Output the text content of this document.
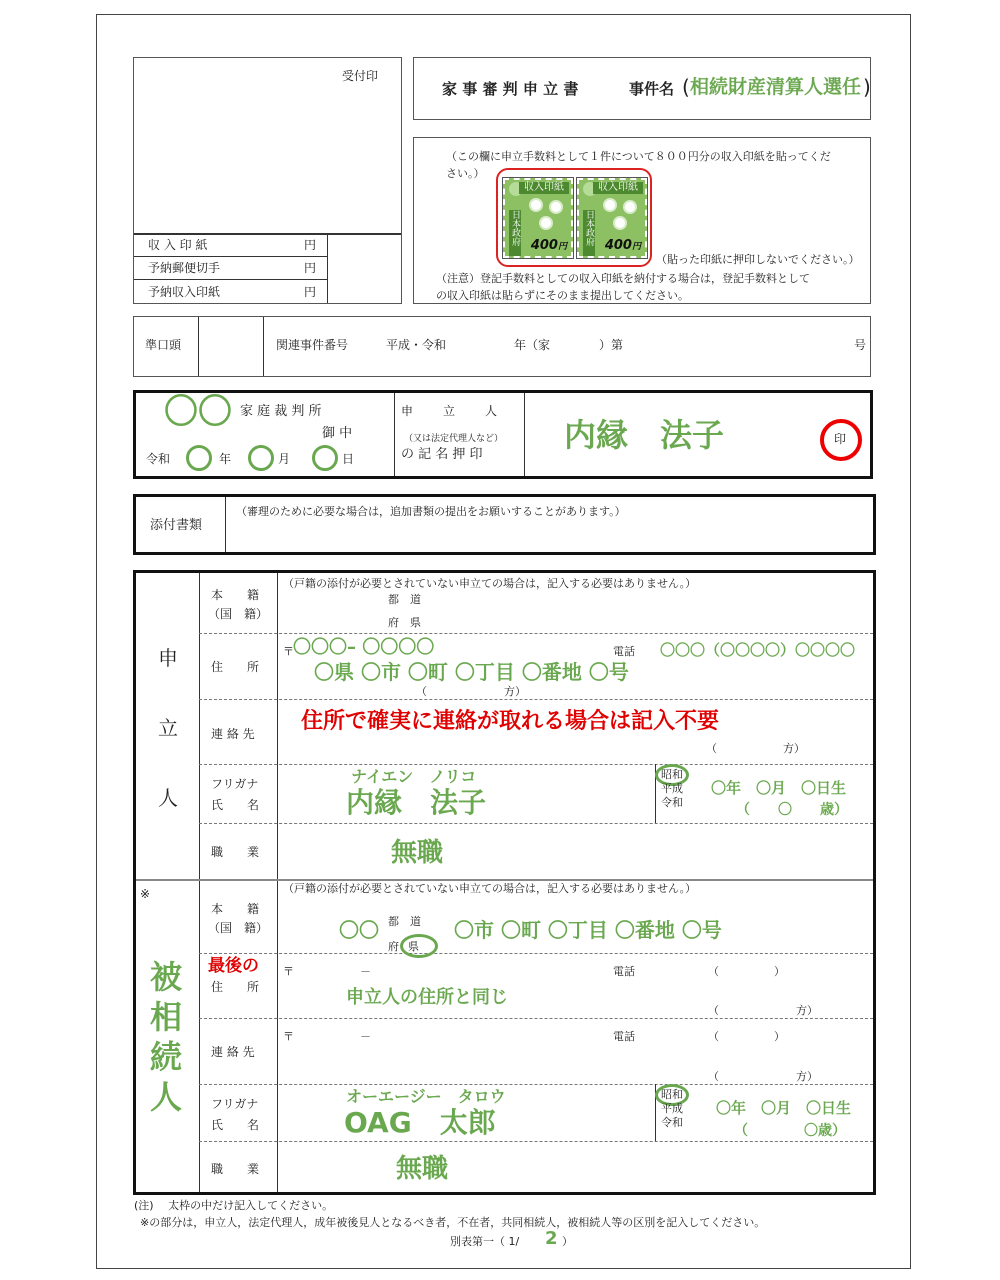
受付印
収 入 印 紙	円
予納郵便切手	円
予納収入印紙	円
家 事 審 判 申 立 書	事件名 ( 相続財産清算人選任 )
（この欄に申立手数料として１件について８００円分の収入印紙を貼ってくだ
さい。）
（貼った印紙に押印しないでください。）
（注意）登記手数料としての収入印紙を納付する場合は，登記手数料として
の収入印紙は貼らずにそのまま提出してください。
収入印紙
日本政府 400円
収入印紙
日本政府 400円
準口頭	関連事件番号	平成・令和	年（家	）第	号
〇〇 家 庭 裁 判 所
御 中
令和 ○ 年 ○ 月 ○ 日
申　　立　　人
（又は法定代理人など）
の 記 名 押 印
内縁　法子	印
添付書類
（審理のために必要な場合は，追加書類の提出をお願いすることがあります。）
申
立
人
本　　籍
（国　籍）
（戸籍の添付が必要とされていない申立ての場合は，記入する必要はありません。）
都　道
府　県
住　　所
〒 〇〇〇– 〇〇〇〇	電話 〇〇〇（〇〇〇〇）〇〇〇〇
〇県 〇市 〇町 〇丁目 〇番地 〇号
（　　　　　　　方）
連 絡 先 住所で確実に連絡が取れる場合は記入不要
（　　　　　　方）
フリガナ
氏　　名
ナイエン　ノリコ
内縁　法子
昭和
平成
令和
〇年　〇月　〇日生
（　　〇　　歳）
職　　業	無職
※
被
相
続
人
本　　籍
（国　籍）
（戸籍の添付が必要とされていない申立ての場合は，記入する必要はありません。）
〇〇 都　道
府 県
〇市 〇町 〇丁目 〇番地 〇号
最後の
住　　所
〒	－	電話	（　　　　　）
申立人の住所と同じ
（　　　　　　　方）
連 絡 先
〒	－	電話	（　　　　　）
（　　　　　　　方）
フリガナ
氏　　名
オーエージー　タロウ
OAG　太郎
昭和
平成
令和
〇年　〇月　〇日生
（　　　　〇歳）
職　　業	無職
(注)　 太枠の中だけ記入してください。
※の部分は，申立人，法定代理人，成年被後見人となるべき者，不在者，共同相続人，被相続人等の区別を記入してください。
別表第一（ 1/ 2 ）
